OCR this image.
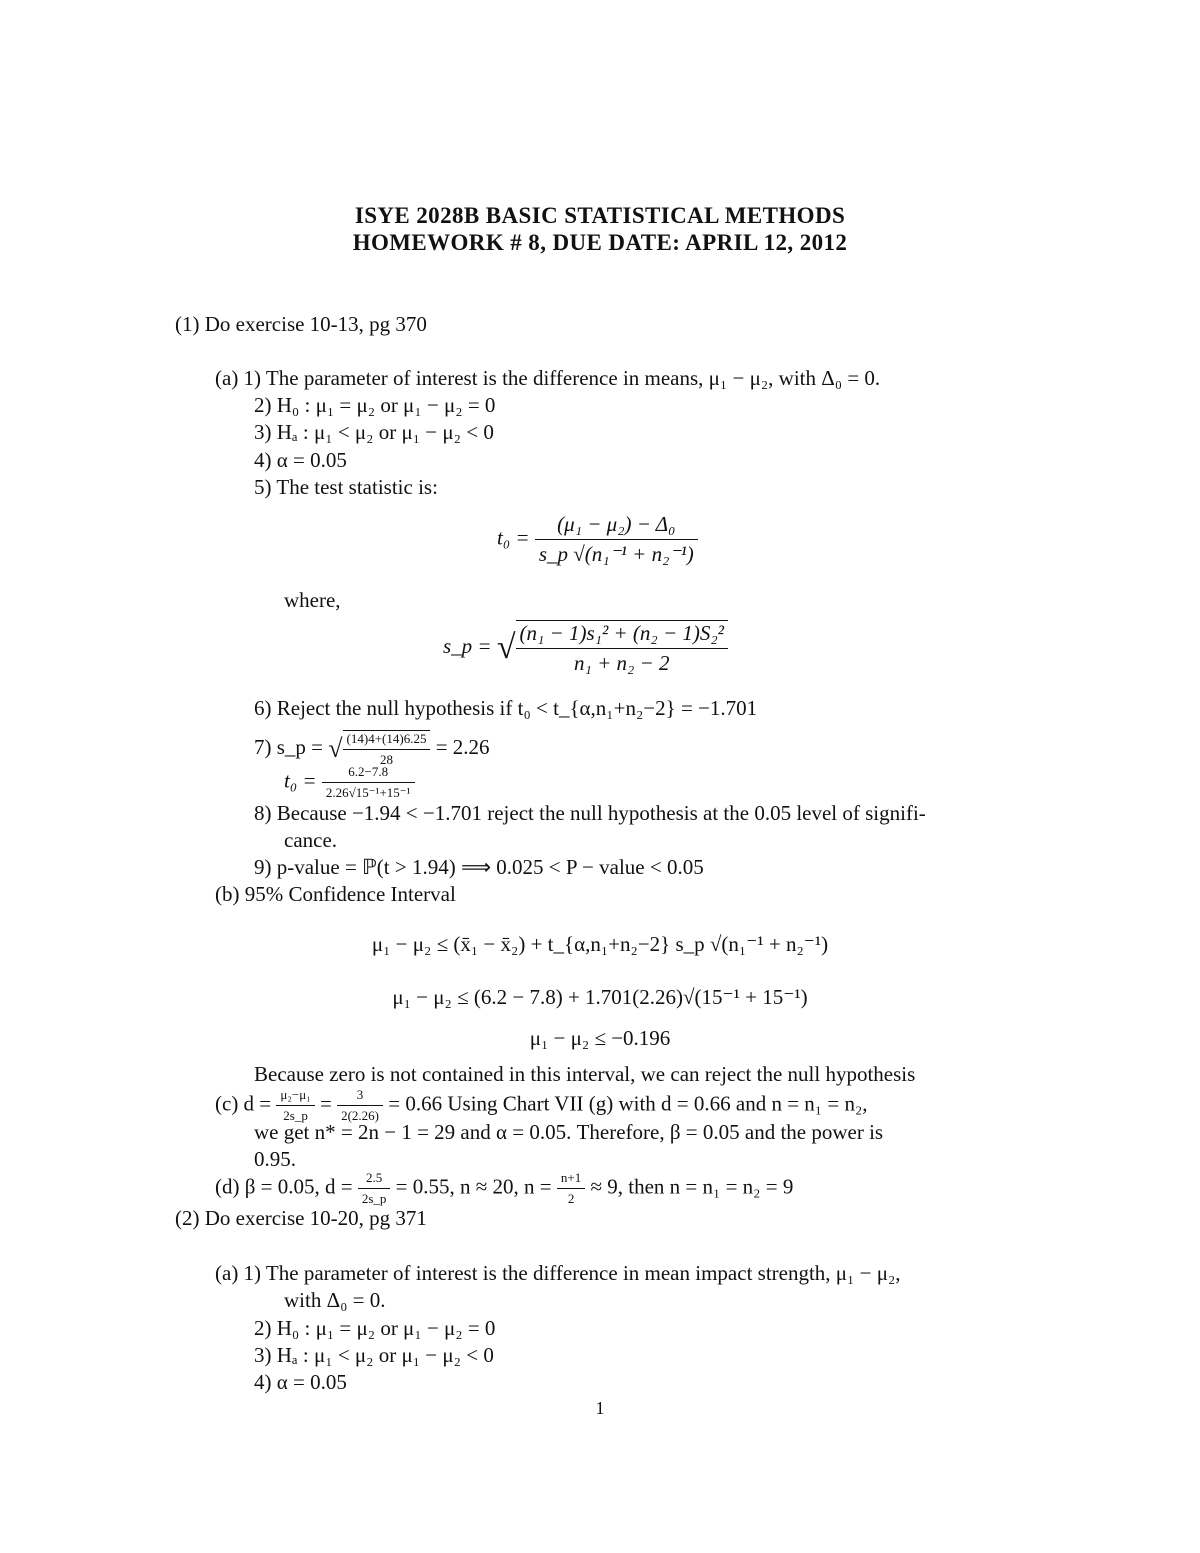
ISYE 2028B BASIC STATISTICAL METHODS
HOMEWORK # 8, DUE DATE: APRIL 12, 2012
(1) Do exercise 10-13, pg 370
(a) 1) The parameter of interest is the difference in means, μ₁ − μ₂, with Δ₀ = 0.
2) H₀ : μ₁ = μ₂ or μ₁ − μ₂ = 0
3) Hₐ : μ₁ < μ₂ or μ₁ − μ₂ < 0
4) α = 0.05
5) The test statistic is:
$t_0 = \frac{\text{(μ₁ − μ₂) − Δ₀}}{\text{s\_p √(n₁⁻¹ + n₂⁻¹)}}$
where,
s_p = √ $\frac{\text{(n₁ − 1)s₁² + (n₂ − 1)S₂²}}{\text{n₁ + n₂ − 2}}$
6) Reject the null hypothesis if t₀ < t_{α,n₁+n₂−2} = −1.701
7) s_p = √ $\frac{(14)4+(14)6.25}{28} = 2.26$
$t_0 = \frac{6.2-7.8}{\text{2.26√15⁻¹+15⁻¹}}$
8) Because −1.94 < −1.701 reject the null hypothesis at the 0.05 level of signifi-
cance.
9) p-value = ℙ(t > 1.94) ⟹ 0.025 < P − value < 0.05
(b) 95% Confidence Interval
μ₁ − μ₂ ≤ (x̄₁ − x̄₂) + t_{α,n₁+n₂−2} s_p √(n₁⁻¹ + n₂⁻¹)
μ₁ − μ₂ ≤ (6.2 − 7.8) + 1.701(2.26)√(15⁻¹ + 15⁻¹)
μ₁ − μ₂ ≤ −0.196
Because zero is not contained in this interval, we can reject the null hypothesis
(c) $d = \frac{\text{μ₂−μ₁}}{2s\_p} = \frac{3}{2(2.26)} = 0.66$ Using Chart VII (g) with d = 0.66 and n = n₁ = n₂,
we get n* = 2n − 1 = 29 and α = 0.05. Therefore, β = 0.05 and the power is
0.95.
(d) β = 0.05, $d = \frac{2.5}{2s\_p} = 0.55$, n ≈ 20, $n = \frac{n+1}{2} \approx 9$, then n = n₁ = n₂ = 9
(2) Do exercise 10-20, pg 371
(a) 1) The parameter of interest is the difference in mean impact strength, μ₁ − μ₂,
with Δ₀ = 0.
2) H₀ : μ₁ = μ₂ or μ₁ − μ₂ = 0
3) Hₐ : μ₁ < μ₂ or μ₁ − μ₂ < 0
4) α = 0.05
1
